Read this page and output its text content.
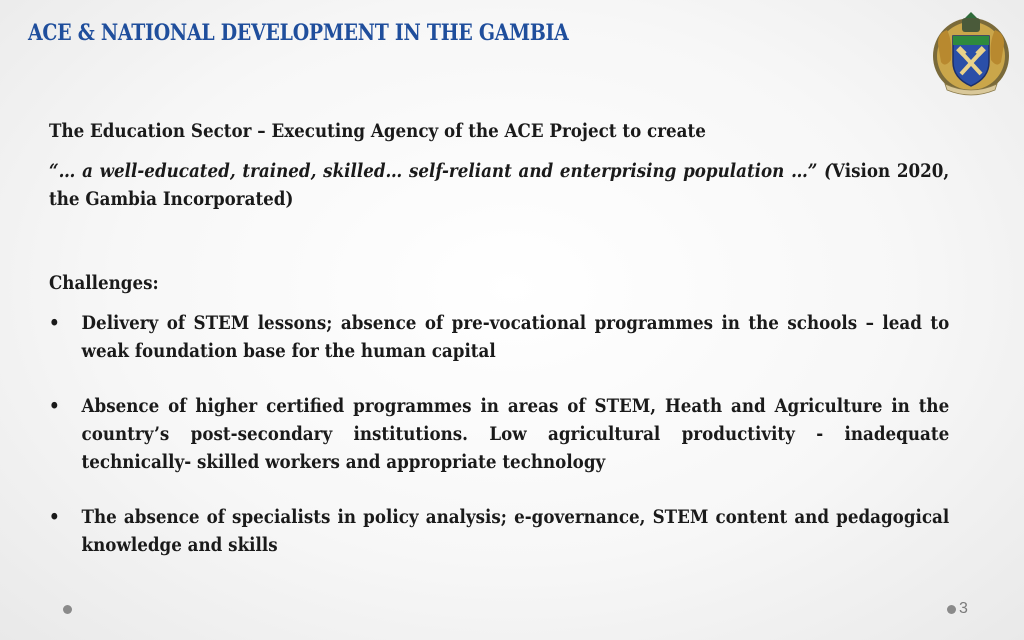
ACE & NATIONAL DEVELOPMENT IN THE GAMBIA

The Education Sector – Executing Agency of the ACE Project to create

“… a well-educated, trained, skilled… self-reliant and enterprising population …” (Vision 2020, the Gambia Incorporated)

Challenges:

•	Delivery of STEM lessons; absence of pre-vocational programmes in the schools – lead to weak foundation base for the human capital
•	Absence of higher certified programmes in areas of STEM, Heath and Agriculture in the country’s post-secondary institutions. Low agricultural productivity - inadequate technically- skilled workers and appropriate technology
•	The absence of specialists in policy analysis; e-governance, STEM content and pedagogical knowledge and skills
3
